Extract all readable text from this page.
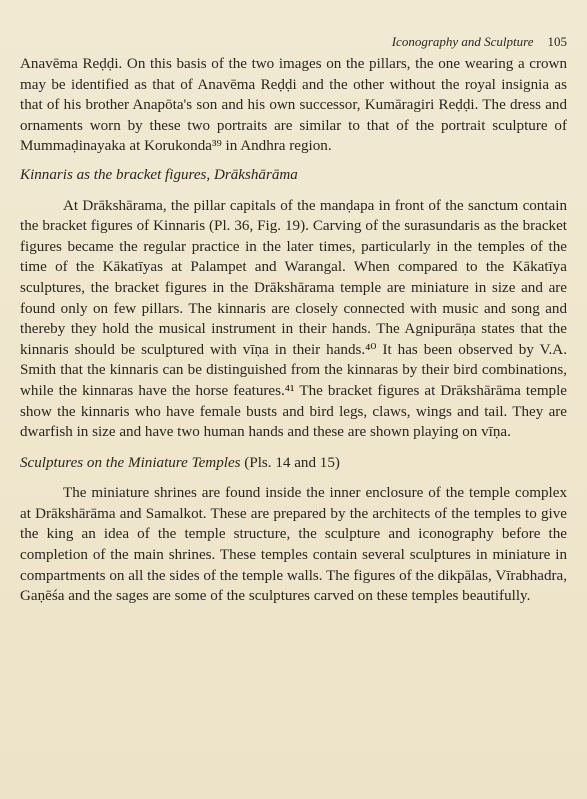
Iconography and Sculpture 105

Anavēma Reḍḍi. On this basis of the two images on the pillars, the one wearing a crown may be identified as that of Anavēma Reḍḍi and the other without the royal insignia as that of his brother Anapōta's son and his own successor, Kumāragiri Reḍḍi. The dress and ornaments worn by these two portraits are similar to that of the portrait sculpture of Mummaḍinayaka at Korukonda³⁹ in Andhra region.

Kinnaris as the bracket figures, Drākshārāma

At Drākshārama, the pillar capitals of the manḍapa in front of the sanctum contain the bracket figures of Kinnaris (Pl. 36, Fig. 19). Carving of the surasundaris as the bracket figures became the regular practice in the later times, particularly in the temples of the time of the Kākatīyas at Palampet and Warangal. When compared to the Kākatīya sculptures, the bracket figures in the Drākshārama temple are miniature in size and are found only on few pillars. The kinnaris are closely connected with music and song and thereby they hold the musical instrument in their hands. The Agnipurāṇa states that the kinnaris should be sculptured with vīṇa in their hands.⁴⁰ It has been observed by V.A. Smith that the kinnaris can be distinguished from the kinnaras by their bird combinations, while the kinnaras have the horse features.⁴¹ The bracket figures at Drākshārāma temple show the kinnaris who have female busts and bird legs, claws, wings and tail. They are dwarfish in size and have two human hands and these are shown playing on vīṇa.

Sculptures on the Miniature Temples (Pls. 14 and 15)

The miniature shrines are found inside the inner enclosure of the temple complex at Drākshārāma and Samalkot. These are prepared by the architects of the temples to give the king an idea of the temple structure, the sculpture and iconography before the completion of the main shrines. These temples contain several sculptures in miniature in compartments on all the sides of the temple walls. The figures of the dikpālas, Vīrabhadra, Gaṇēśa and the sages are some of the sculptures carved on these temples beautifully.
